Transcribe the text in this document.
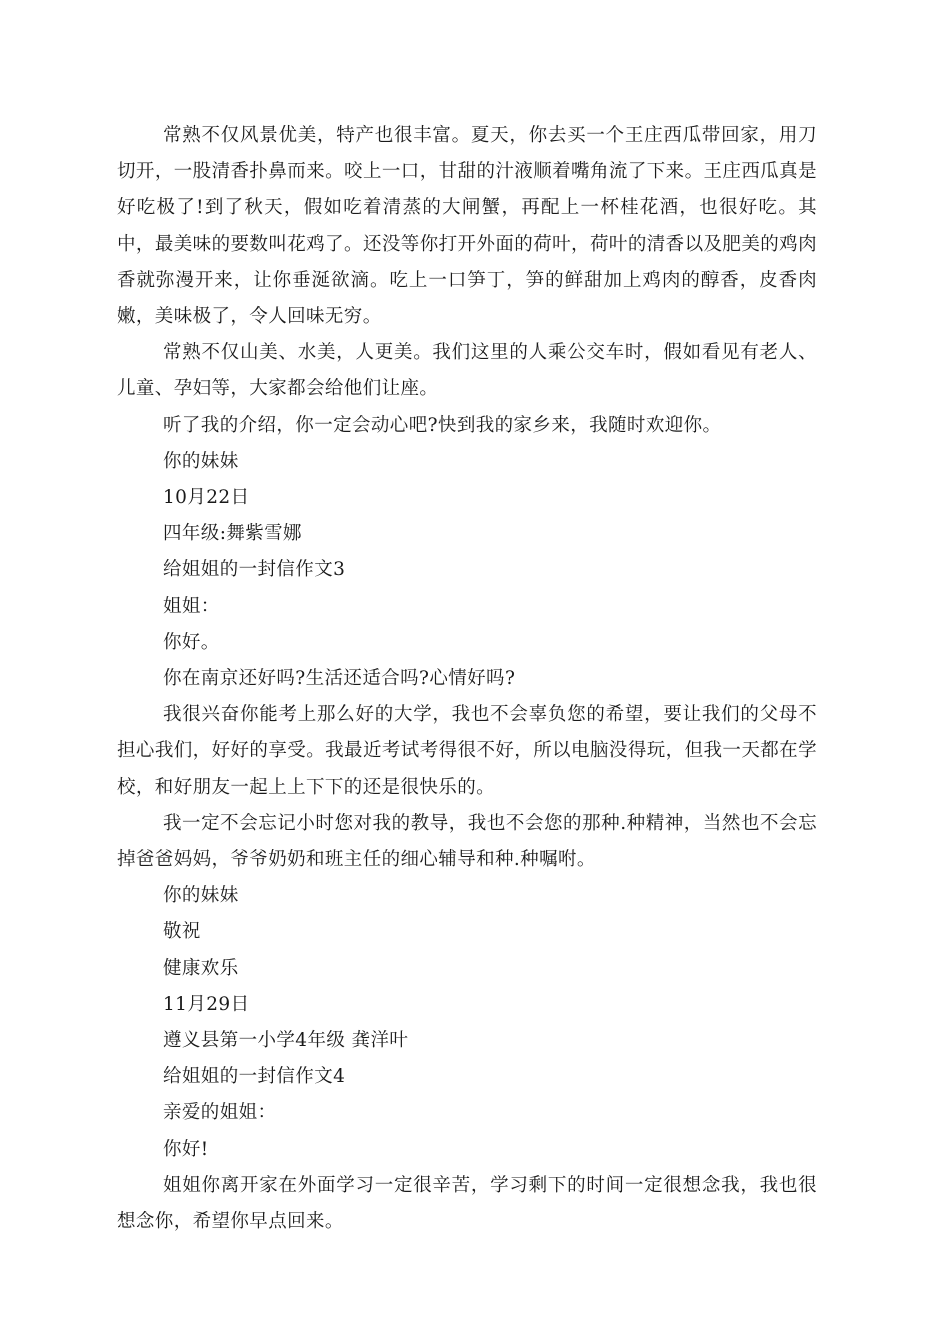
常熟不仅风景优美，特产也很丰富。夏天，你去买一个王庄西瓜带回家，用刀切开，一股清香扑鼻而来。咬上一口，甘甜的汁液顺着嘴角流了下来。王庄西瓜真是好吃极了!到了秋天，假如吃着清蒸的大闸蟹，再配上一杯桂花酒，也很好吃。其中，最美味的要数叫花鸡了。还没等你打开外面的荷叶，荷叶的清香以及肥美的鸡肉香就弥漫开来，让你垂涎欲滴。吃上一口笋丁，笋的鲜甜加上鸡肉的醇香，皮香肉嫩，美味极了，令人回味无穷。

常熟不仅山美、水美，人更美。我们这里的人乘公交车时，假如看见有老人、儿童、孕妇等，大家都会给他们让座。

听了我的介绍，你一定会动心吧?快到我的家乡来，我随时欢迎你。

你的妹妹

10月22日

四年级:舞紫雪娜

给姐姐的一封信作文3

姐姐：

你好。

你在南京还好吗?生活还适合吗?心情好吗?

我很兴奋你能考上那么好的大学，我也不会辜负您的希望，要让我们的父母不担心我们，好好的享受。我最近考试考得很不好，所以电脑没得玩，但我一天都在学校，和好朋友一起上上下下的还是很快乐的。

我一定不会忘记小时您对我的教导，我也不会您的那种.种精神，当然也不会忘掉爸爸妈妈，爷爷奶奶和班主任的细心辅导和种.种嘱咐。

你的妹妹

敬祝

健康欢乐

11月29日

遵义县第一小学4年级 龚洋叶

给姐姐的一封信作文4

亲爱的姐姐：

你好!

姐姐你离开家在外面学习一定很辛苦，学习剩下的时间一定很想念我，我也很想念你，希望你早点回来。
